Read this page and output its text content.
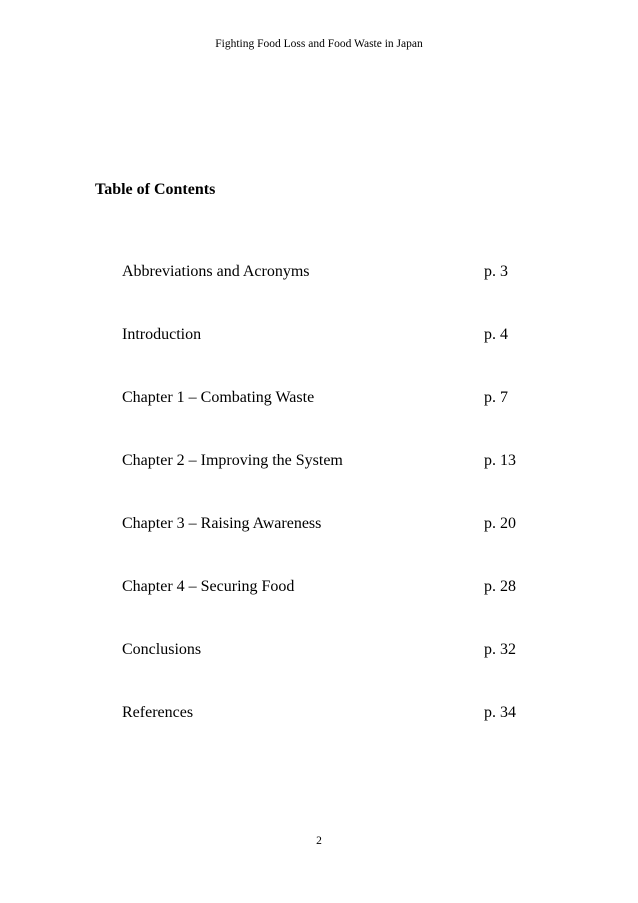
Fighting Food Loss and Food Waste in Japan
Table of Contents
Abbreviations and Acronyms	p. 3
Introduction	p. 4
Chapter 1 – Combating Waste	p. 7
Chapter 2 – Improving the System	p. 13
Chapter 3 – Raising Awareness	p. 20
Chapter 4 – Securing Food	p. 28
Conclusions	p. 32
References	p. 34
2
